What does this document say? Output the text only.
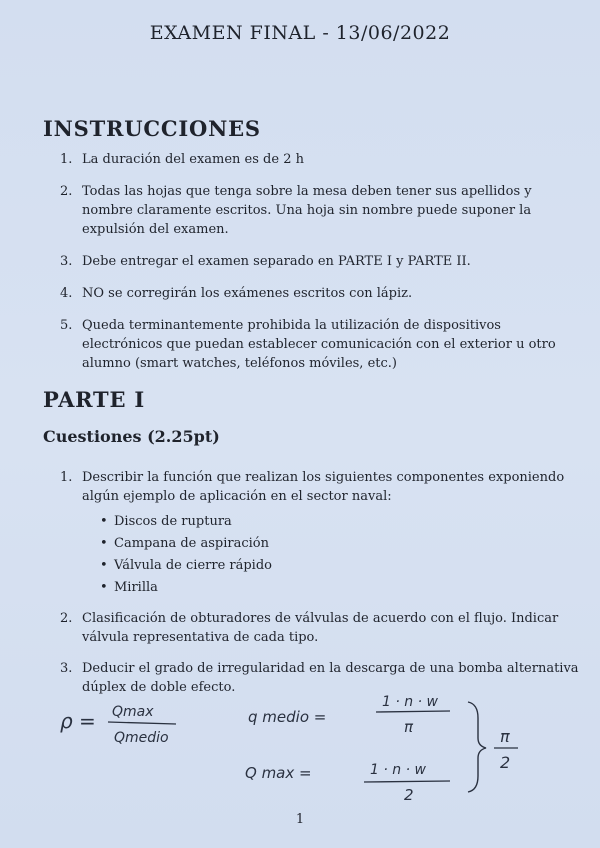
EXAMEN FINAL - 13/06/2022
INSTRUCCIONES
1. La duración del examen es de 2 h
2. Todas las hojas que tenga sobre la mesa deben tener sus apellidos y nombre claramente escritos. Una hoja sin nombre puede suponer la expulsión del examen.
3. Debe entregar el examen separado en PARTE I y PARTE II.
4. NO se corregirán los exámenes escritos con lápiz.
5. Queda terminantemente prohibida la utilización de dispositivos electrónicos que puedan establecer comunicación con el exterior u otro alumno (smart watches, teléfonos móviles, etc.)
PARTE I
Cuestiones (2.25pt)
1. Describir la función que realizan los siguientes componentes exponiendo algún ejemplo de aplicación en el sector naval:
• Discos de ruptura
• Campana de aspiración
• Válvula de cierre rápido
• Mirilla
2. Clasificación de obturadores de válvulas de acuerdo con el flujo. Indicar válvula representativa de cada tipo.
3. Deducir el grado de irregularidad en la descarga de una bomba alternativa dúplex de doble efecto.
ρ = Qmax
Qmedio
q medio =
1 · n · w
π
Q max =	1 · n · w
2
π
2
1
